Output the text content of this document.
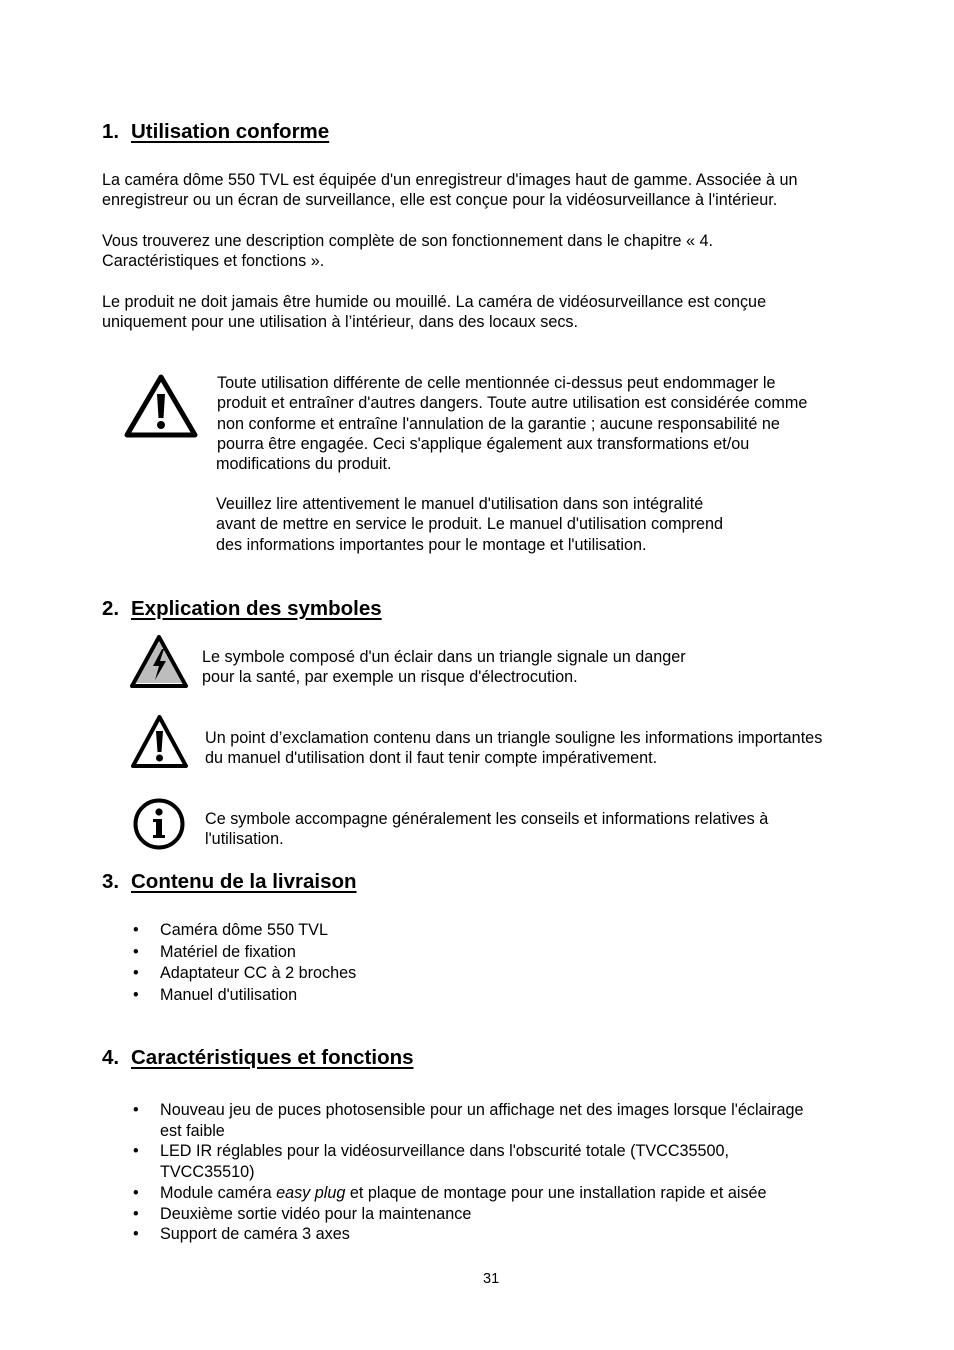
1. Utilisation conforme
La caméra dôme 550 TVL est équipée d'un enregistreur d'images haut de gamme. Associée à un
enregistreur ou un écran de surveillance, elle est conçue pour la vidéosurveillance à l'intérieur.
Vous trouverez une description complète de son fonctionnement dans le chapitre « 4.
Caractéristiques et fonctions ».
Le produit ne doit jamais être humide ou mouillé. La caméra de vidéosurveillance est conçue
uniquement pour une utilisation à l’intérieur, dans des locaux secs.
Toute utilisation différente de celle mentionnée ci-dessus peut endommager le
produit et entraîner d'autres dangers. Toute autre utilisation est considérée comme
non conforme et entraîne l'annulation de la garantie ; aucune responsabilité ne
pourra être engagée. Ceci s'applique également aux transformations et/ou
modifications du produit.
Veuillez lire attentivement le manuel d'utilisation dans son intégralité
avant de mettre en service le produit. Le manuel d'utilisation comprend
des informations importantes pour le montage et l'utilisation.
2. Explication des symboles
Le symbole composé d'un éclair dans un triangle signale un danger
pour la santé, par exemple un risque d'électrocution.
Un point d’exclamation contenu dans un triangle souligne les informations importantes
du manuel d'utilisation dont il faut tenir compte impérativement.
Ce symbole accompagne généralement les conseils et informations relatives à
l'utilisation.
3. Contenu de la livraison
• Caméra dôme 550 TVL
• Matériel de fixation
• Adaptateur CC à 2 broches
• Manuel d'utilisation
4. Caractéristiques et fonctions
• Nouveau jeu de puces photosensible pour un affichage net des images lorsque l'éclairage
est faible
• LED IR réglables pour la vidéosurveillance dans l'obscurité totale (TVCC35500,
TVCC35510)
• Module caméra easy plug et plaque de montage pour une installation rapide et aisée
• Deuxième sortie vidéo pour la maintenance
• Support de caméra 3 axes
31
